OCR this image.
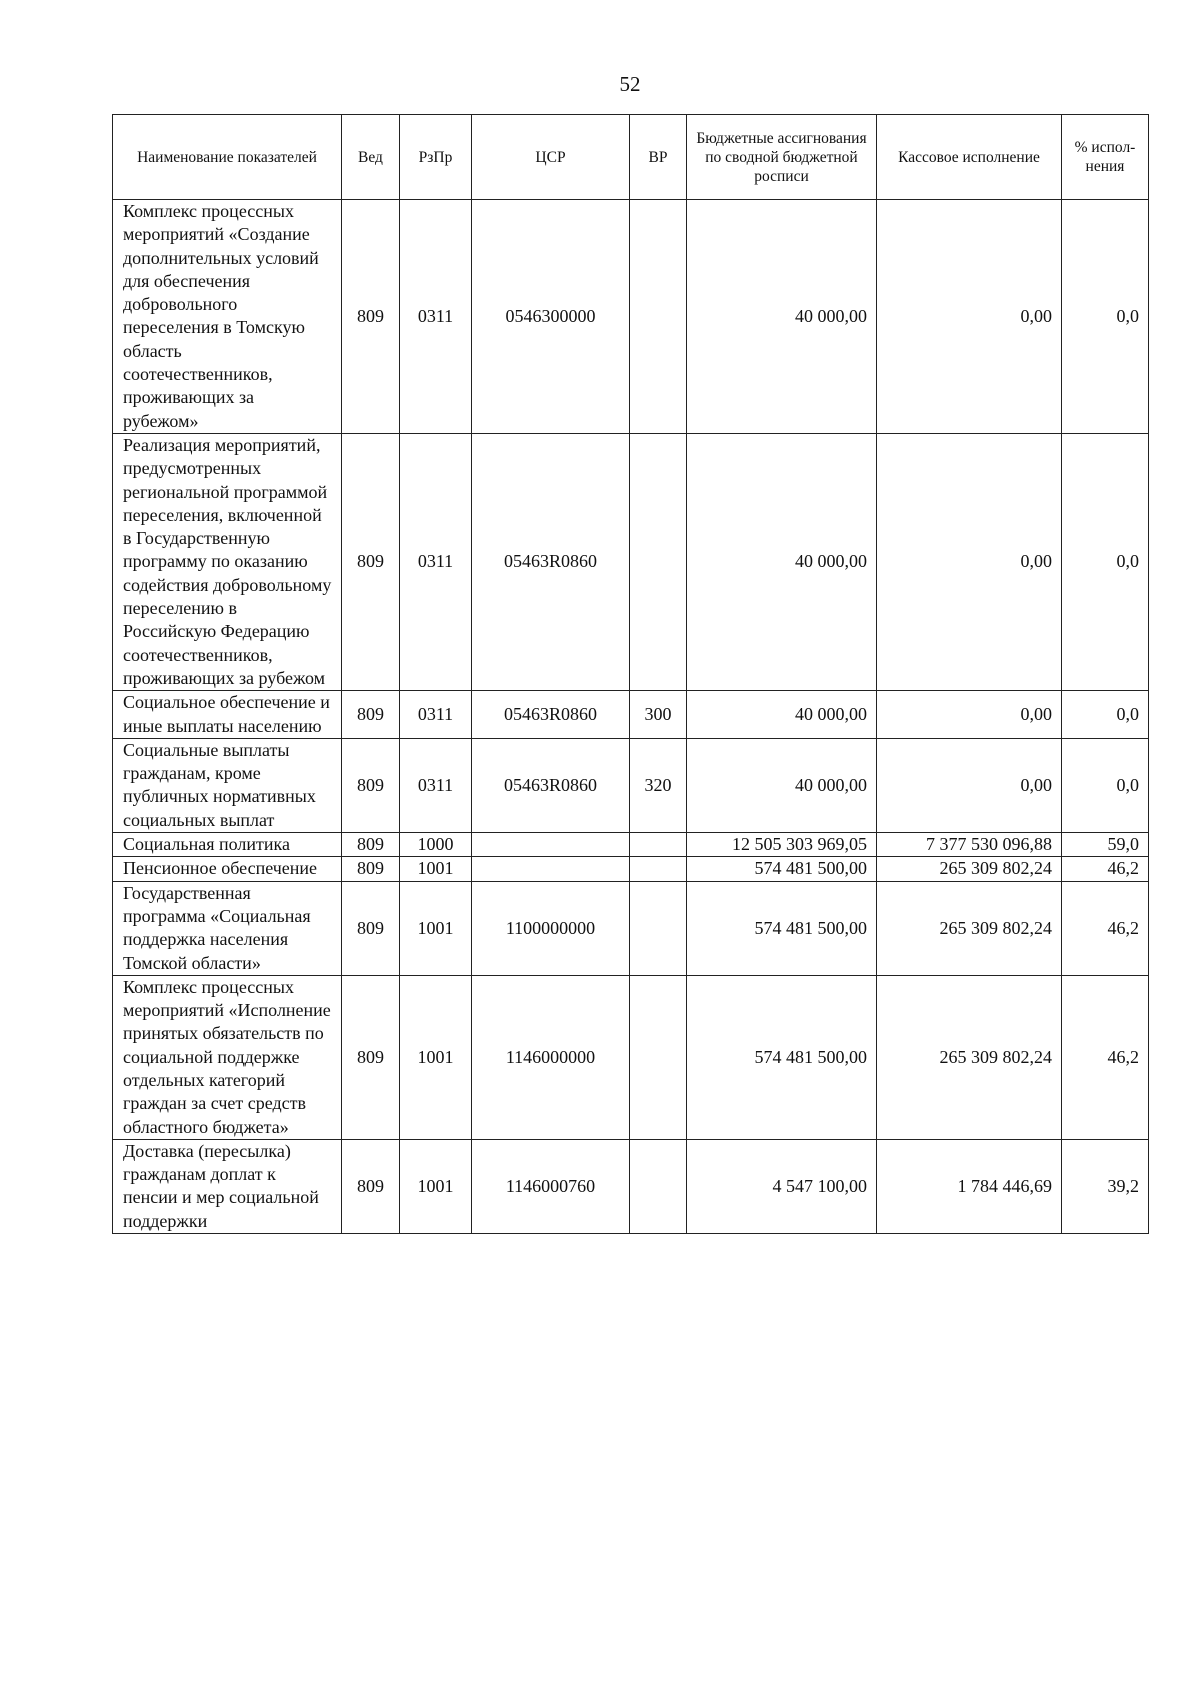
52
Наименование показателей	Вед	РзПр	ЦСР	ВР	Бюджетные ассигнования по сводной бюджетной росписи	Кассовое исполнение	% испол-нения
Комплекс процессных мероприятий «Создание дополнительных условий для обеспечения добровольного переселения в Томскую область соотечественников, проживающих за рубежом»	809	0311	0546300000		40 000,00	0,00	0,0
Реализация мероприятий, предусмотренных региональной программой переселения, включенной в Государственную программу по оказанию содействия добровольному переселению в Российскую Федерацию соотечественников, проживающих за рубежом	809	0311	05463R0860		40 000,00	0,00	0,0
Социальное обеспечение и иные выплаты населению	809	0311	05463R0860	300	40 000,00	0,00	0,0
Социальные выплаты гражданам, кроме публичных нормативных социальных выплат	809	0311	05463R0860	320	40 000,00	0,00	0,0
Социальная политика	809	1000			12 505 303 969,05	7 377 530 096,88	59,0
Пенсионное обеспечение	809	1001			574 481 500,00	265 309 802,24	46,2
Государственная программа «Социальная поддержка населения Томской области»	809	1001	1100000000		574 481 500,00	265 309 802,24	46,2
Комплекс процессных мероприятий «Исполнение принятых обязательств по социальной поддержке отдельных категорий граждан за счет средств областного бюджета»	809	1001	1146000000		574 481 500,00	265 309 802,24	46,2
Доставка (пересылка) гражданам доплат к пенсии и мер социальной поддержки	809	1001	1146000760		4 547 100,00	1 784 446,69	39,2
